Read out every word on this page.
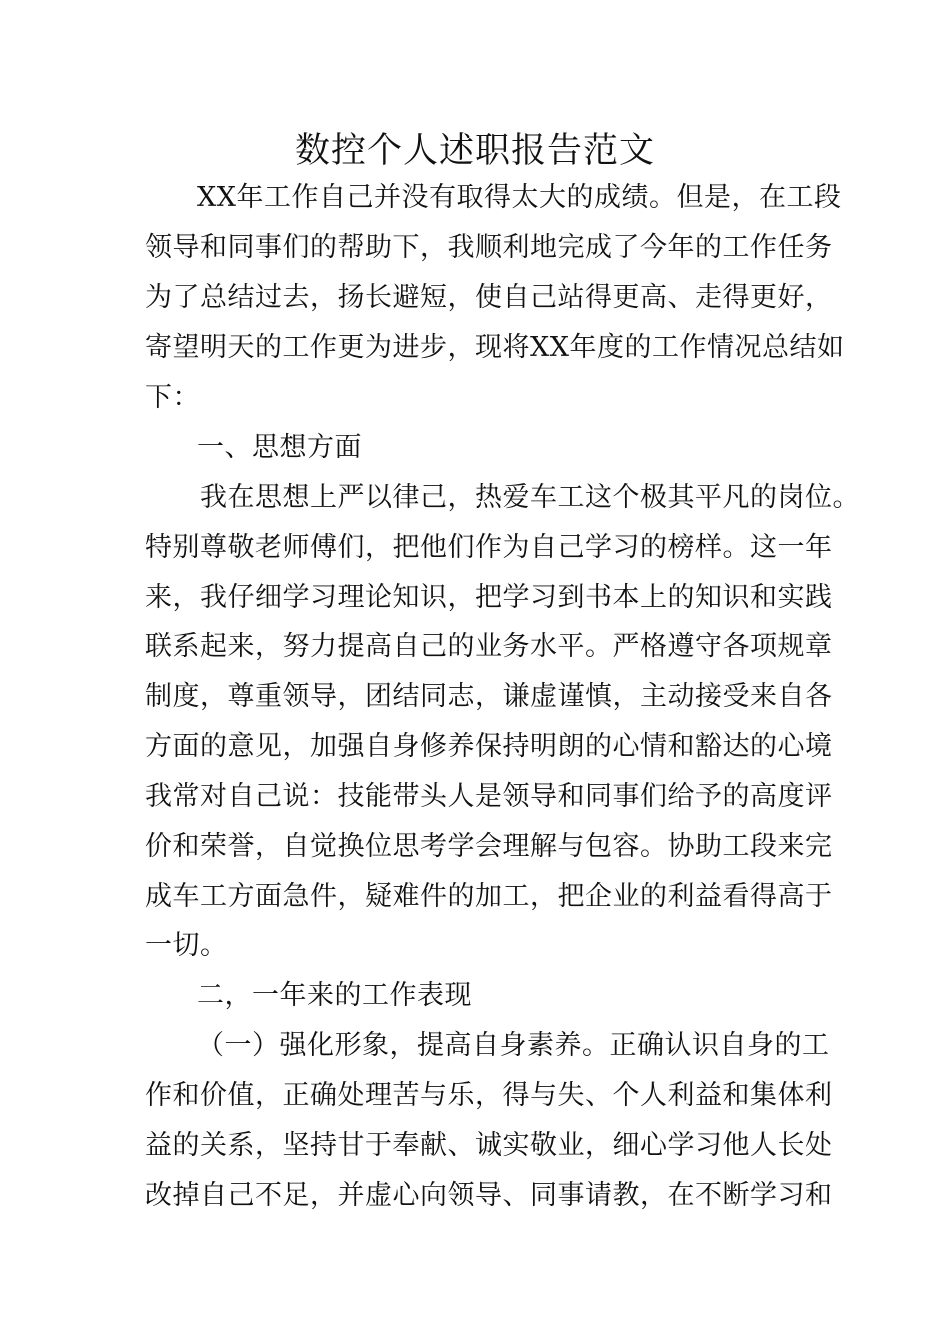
数控个人述职报告范文
XX年工作自己并没有取得太大的成绩。但是，在工段
领导和同事们的帮助下，我顺利地完成了今年的工作任务
为了总结过去，扬长避短，使自己站得更高、走得更好，
寄望明天的工作更为进步，现将XX年度的工作情况总结如
下：
一、思想方面
我在思想上严以律己，热爱车工这个极其平凡的岗位。
特别尊敬老师傅们，把他们作为自己学习的榜样。这一年
来，我仔细学习理论知识，把学习到书本上的知识和实践
联系起来，努力提高自己的业务水平。严格遵守各项规章
制度，尊重领导，团结同志，谦虚谨慎，主动接受来自各
方面的意见，加强自身修养保持明朗的心情和豁达的心境
我常对自己说：技能带头人是领导和同事们给予的高度评
价和荣誉，自觉换位思考学会理解与包容。协助工段来完
成车工方面急件，疑难件的加工，把企业的利益看得高于
一切。
二，一年来的工作表现
（一）强化形象，提高自身素养。正确认识自身的工
作和价值，正确处理苦与乐，得与失、个人利益和集体利
益的关系，坚持甘于奉献、诚实敬业，细心学习他人长处
改掉自己不足，并虚心向领导、同事请教，在不断学习和
